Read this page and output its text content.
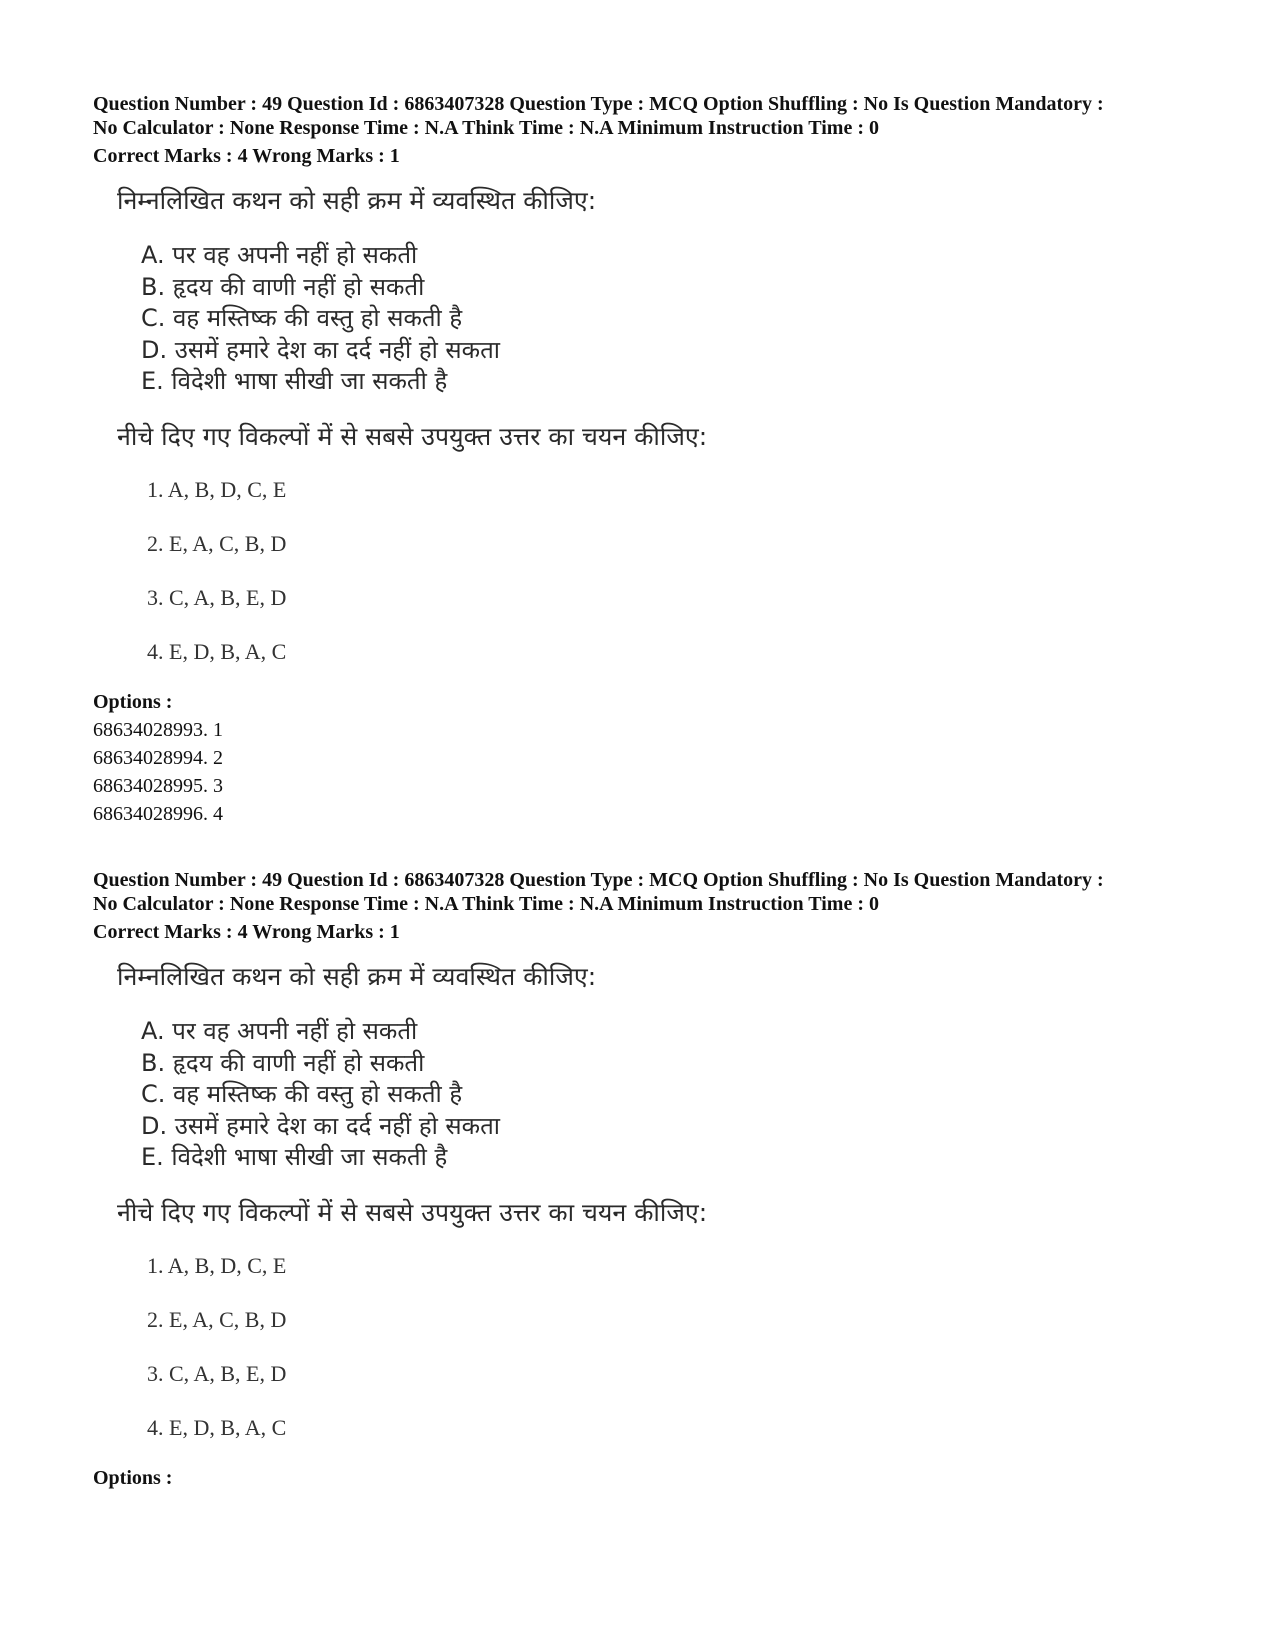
Question Number : 49 Question Id : 6863407328 Question Type : MCQ Option Shuffling : No Is Question Mandatory :

No Calculator : None Response Time : N.A Think Time : N.A Minimum Instruction Time : 0

Correct Marks : 4 Wrong Marks : 1

निम्नलिखित कथन को सही क्रम में व्यवस्थित कीजिए:

A. पर वह अपनी नहीं हो सकती
B. हृदय की वाणी नहीं हो सकती
C. वह मस्तिष्क की वस्तु हो सकती है
D. उसमें हमारे देश का दर्द नहीं हो सकता
E. विदेशी भाषा सीखी जा सकती है

नीचे दिए गए विकल्पों में से सबसे उपयुक्त उत्तर का चयन कीजिए:

1. A, B, D, C, E
2. E, A, C, B, D
3. C, A, B, E, D
4. E, D, B, A, C

Options :

68634028993. 1
68634028994. 2
68634028995. 3
68634028996. 4

Question Number : 49 Question Id : 6863407328 Question Type : MCQ Option Shuffling : No Is Question Mandatory :

No Calculator : None Response Time : N.A Think Time : N.A Minimum Instruction Time : 0

Correct Marks : 4 Wrong Marks : 1

निम्नलिखित कथन को सही क्रम में व्यवस्थित कीजिए:

A. पर वह अपनी नहीं हो सकती
B. हृदय की वाणी नहीं हो सकती
C. वह मस्तिष्क की वस्तु हो सकती है
D. उसमें हमारे देश का दर्द नहीं हो सकता
E. विदेशी भाषा सीखी जा सकती है

नीचे दिए गए विकल्पों में से सबसे उपयुक्त उत्तर का चयन कीजिए:

1. A, B, D, C, E
2. E, A, C, B, D
3. C, A, B, E, D
4. E, D, B, A, C

Options :
